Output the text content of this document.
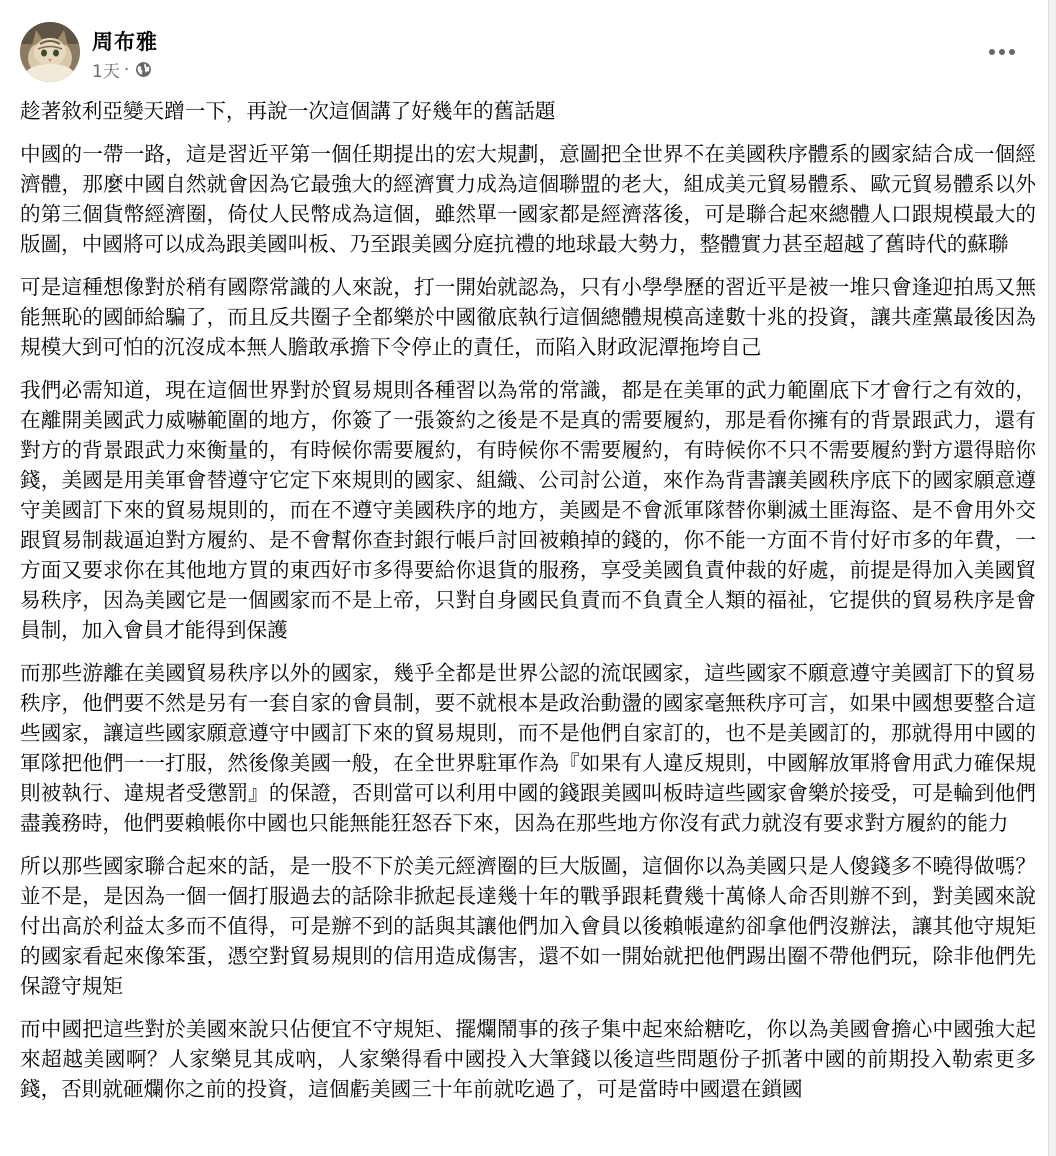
周布雅
1天 ·

趁著敘利亞變天蹭一下，再說一次這個講了好幾年的舊話題

中國的一帶一路，這是習近平第一個任期提出的宏大規劃，意圖把全世界不在美國秩序體系的國家結合成一個經濟體，那麼中國自然就會因為它最強大的經濟實力成為這個聯盟的老大，組成美元貿易體系、歐元貿易體系以外的第三個貨幣經濟圈，倚仗人民幣成為這個，雖然單一國家都是經濟落後，可是聯合起來總體人口跟規模最大的版圖，中國將可以成為跟美國叫板、乃至跟美國分庭抗禮的地球最大勢力，整體實力甚至超越了舊時代的蘇聯

可是這種想像對於稍有國際常識的人來說，打一開始就認為，只有小學學歷的習近平是被一堆只會逢迎拍馬又無能無恥的國師給騙了，而且反共圈子全都樂於中國徹底執行這個總體規模高達數十兆的投資，讓共產黨最後因為規模大到可怕的沉沒成本無人膽敢承擔下令停止的責任，而陷入財政泥潭拖垮自己

我們必需知道，現在這個世界對於貿易規則各種習以為常的常識，都是在美軍的武力範圍底下才會行之有效的，在離開美國武力威嚇範圍的地方，你簽了一張簽約之後是不是真的需要履約，那是看你擁有的背景跟武力，還有對方的背景跟武力來衡量的，有時候你需要履約，有時候你不需要履約，有時候你不只不需要履約對方還得賠你錢，美國是用美軍會替遵守它定下來規則的國家、組織、公司討公道，來作為背書讓美國秩序底下的國家願意遵守美國訂下來的貿易規則的，而在不遵守美國秩序的地方，美國是不會派軍隊替你剿滅土匪海盜、是不會用外交跟貿易制裁逼迫對方履約、是不會幫你查封銀行帳戶討回被賴掉的錢的，你不能一方面不肯付好市多的年費，一方面又要求你在其他地方買的東西好市多得要給你退貨的服務，享受美國負責仲裁的好處，前提是得加入美國貿易秩序，因為美國它是一個國家而不是上帝，只對自身國民負責而不負責全人類的福祉，它提供的貿易秩序是會員制，加入會員才能得到保護

而那些游離在美國貿易秩序以外的國家，幾乎全都是世界公認的流氓國家，這些國家不願意遵守美國訂下的貿易秩序，他們要不然是另有一套自家的會員制，要不就根本是政治動盪的國家毫無秩序可言，如果中國想要整合這些國家，讓這些國家願意遵守中國訂下來的貿易規則，而不是他們自家訂的，也不是美國訂的，那就得用中國的軍隊把他們一一打服，然後像美國一般，在全世界駐軍作為『如果有人違反規則，中國解放軍將會用武力確保規則被執行、違規者受懲罰』的保證，否則當可以利用中國的錢跟美國叫板時這些國家會樂於接受，可是輪到他們盡義務時，他們要賴帳你中國也只能無能狂怒吞下來，因為在那些地方你沒有武力就沒有要求對方履約的能力

所以那些國家聯合起來的話，是一股不下於美元經濟圈的巨大版圖，這個你以為美國只是人傻錢多不曉得做嗎？並不是，是因為一個一個打服過去的話除非掀起長達幾十年的戰爭跟耗費幾十萬條人命否則辦不到，對美國來說付出高於利益太多而不值得，可是辦不到的話與其讓他們加入會員以後賴帳違約卻拿他們沒辦法，讓其他守規矩的國家看起來像笨蛋，憑空對貿易規則的信用造成傷害，還不如一開始就把他們踢出圈不帶他們玩，除非他們先保證守規矩

而中國把這些對於美國來說只佔便宜不守規矩、擺爛鬧事的孩子集中起來給糖吃，你以為美國會擔心中國強大起來超越美國啊？人家樂見其成吶，人家樂得看中國投入大筆錢以後這些問題份子抓著中國的前期投入勒索更多錢，否則就砸爛你之前的投資，這個虧美國三十年前就吃過了，可是當時中國還在鎖國
